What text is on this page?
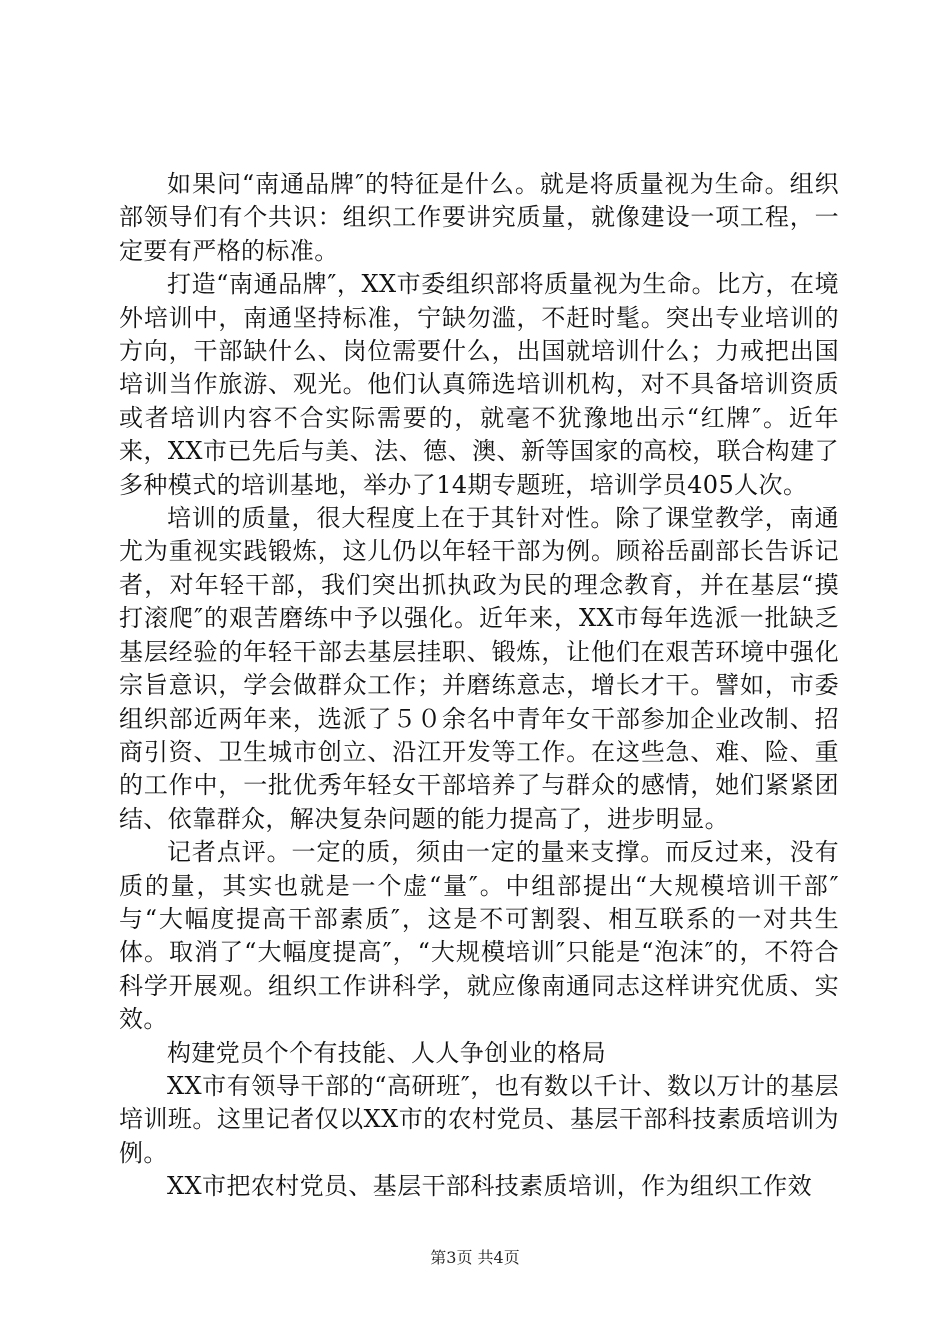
如果问“南通品牌″的特征是什么。就是将质量视为生命。组织部领导们有个共识：组织工作要讲究质量，就像建设一项工程，一定要有严格的标准。

打造“南通品牌″，XX市委组织部将质量视为生命。比方，在境外培训中，南通坚持标准，宁缺勿滥，不赶时髦。突出专业培训的方向，干部缺什么、岗位需要什么，出国就培训什么；力戒把出国培训当作旅游、观光。他们认真筛选培训机构，对不具备培训资质或者培训内容不合实际需要的，就毫不犹豫地出示“红牌″。近年来，XX市已先后与美、法、德、澳、新等国家的高校，联合构建了多种模式的培训基地，举办了14期专题班，培训学员405人次。

培训的质量，很大程度上在于其针对性。除了课堂教学，南通尤为重视实践锻炼，这儿仍以年轻干部为例。顾裕岳副部长告诉记者，对年轻干部，我们突出抓执政为民的理念教育，并在基层“摸打滚爬″的艰苦磨练中予以强化。近年来，XX市每年选派一批缺乏基层经验的年轻干部去基层挂职、锻炼，让他们在艰苦环境中强化宗旨意识，学会做群众工作；并磨练意志，增长才干。譬如，市委组织部近两年来，选派了５０余名中青年女干部参加企业改制、招商引资、卫生城市创立、沿江开发等工作。在这些急、难、险、重的工作中，一批优秀年轻女干部培养了与群众的感情，她们紧紧团结、依靠群众，解决复杂问题的能力提高了，进步明显。

记者点评。一定的质，须由一定的量来支撑。而反过来，没有质的量，其实也就是一个虚“量″。中组部提出“大规模培训干部″与“大幅度提高干部素质″，这是不可割裂、相互联系的一对共生体。取消了“大幅度提高″，“大规模培训″只能是“泡沫″的，不符合科学开展观。组织工作讲科学，就应像南通同志这样讲究优质、实效。

构建党员个个有技能、人人争创业的格局

XX市有领导干部的“高研班″，也有数以千计、数以万计的基层培训班。这里记者仅以XX市的农村党员、基层干部科技素质培训为例。

XX市把农村党员、基层干部科技素质培训，作为组织工作效

第3页 共4页
